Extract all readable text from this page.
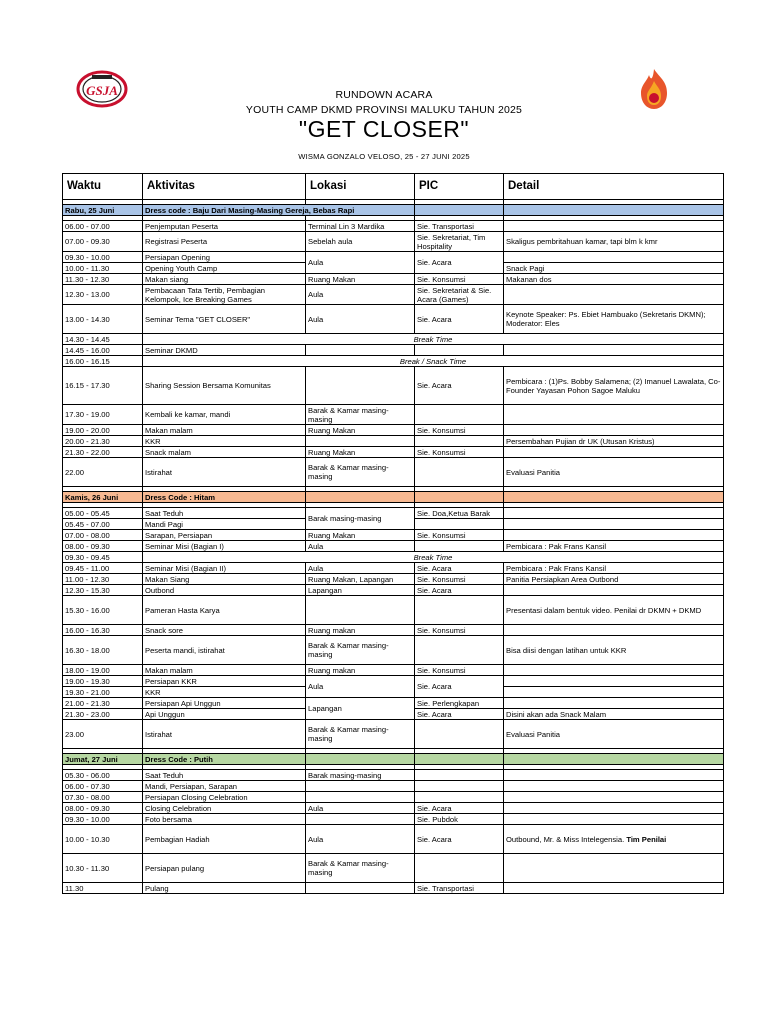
GSJA	RUNDOWN ACARA
YOUTH CAMP DKMD PROVINSI MALUKU TAHUN 2025
"GET CLOSER"
WISMA GONZALO VELOSO, 25 - 27 JUNI 2025
Waktu	Aktivitas	Lokasi	PIC	Detail

Rabu, 25 Juni	Dress code : Baju Dari Masing-Masing Gereja, Bebas Rapi			

06.00 - 07.00	Penjemputan Peserta	Terminal Lin 3 Mardika	Sie. Transportasi	
07.00 - 09.30	Registrasi Peserta	Sebelah aula	Sie. Sekretariat, Tim Hospitality	Skaligus pembritahuan kamar, tapi blm k kmr
09.30 - 10.00	Persiapan Opening	Aula	Sie. Acara	
10.00 - 11.30	Opening Youth Camp			Snack Pagi
11.30 - 12.30	Makan siang	Ruang Makan	Sie. Konsumsi	Makanan dos
12.30 - 13.00	Pembacaan Tata Tertib, Pembagian Kelompok, Ice Breaking Games	Aula	Sie. Sekretariat & Sie. Acara (Games)	
13.00 - 14.30	Seminar Tema "GET CLOSER"	Aula	Sie. Acara	Keynote Speaker: Ps. Ebiet Hambuako (Sekretaris DKMN); Moderator: Eles
14.30 - 14.45	Break Time			
14.45 - 16.00	Seminar DKMD			
16.00 - 16.15	Break / Snack Time			
16.15 - 17.30	Sharing Session Bersama Komunitas		Sie. Acara	Pembicara : (1)Ps. Bobby Salamena; (2) Imanuel Lawalata, Co-Founder Yayasan Pohon Sagoe Maluku
17.30 - 19.00	Kembali ke kamar, mandi	Barak & Kamar masing-masing		
19.00 - 20.00	Makan malam	Ruang Makan	Sie. Konsumsi	
20.00 - 21.30	KKR			Persembahan Pujian dr UK (Utusan Kristus)
21.30 - 22.00	Snack malam	Ruang Makan	Sie. Konsumsi	
22.00	Istirahat	Barak & Kamar masing-masing		Evaluasi Panitia

Kamis, 26 Juni	Dress Code : Hitam			

05.00 - 05.45	Saat Teduh	Barak masing-masing	Sie. Doa,Ketua Barak	
05.45 - 07.00	Mandi Pagi			
07.00 - 08.00	Sarapan, Persiapan	Ruang Makan	Sie. Konsumsi	
08.00 - 09.30	Seminar Misi (Bagian I)	Aula		Pembicara : Pak Frans Kansil
09.30 - 09.45	Break Time			
09.45 - 11.00	Seminar Misi (Bagian II)	Aula	Sie. Acara	Pembicara : Pak Frans Kansil
11.00 - 12.30	Makan Siang	Ruang Makan, Lapangan	Sie. Konsumsi	Panitia Persiapkan Area Outbond
12.30 - 15.30	Outbond	Lapangan	Sie. Acara	
15.30 - 16.00	Pameran Hasta Karya			Presentasi dalam bentuk video. Penilai dr DKMN + DKMD
16.00 - 16.30	Snack sore	Ruang makan	Sie. Konsumsi	
16.30 - 18.00	Peserta mandi, istirahat	Barak & Kamar masing-masing		Bisa diisi dengan latihan untuk KKR
18.00 - 19.00	Makan malam	Ruang makan	Sie. Konsumsi	
19.00 - 19.30	Persiapan KKR	Aula	Sie. Acara	
19.30 - 21.00	KKR			
21.00 - 21.30	Persiapan Api Unggun	Lapangan	Sie. Perlengkapan	
21.30 - 23.00	Api Unggun		Sie. Acara	Disini akan ada Snack Malam
23.00	Istirahat	Barak & Kamar masing-masing		Evaluasi Panitia

Jumat, 27 Juni	Dress Code : Putih			

05.30 - 06.00	Saat Teduh	Barak masing-masing		
06.00 - 07.30	Mandi, Persiapan, Sarapan			
07.30 - 08.00	Persiapan Closing Celebration			
08.00 - 09.30	Closing Celebration	Aula	Sie. Acara	
09.30 - 10.00	Foto bersama		Sie. Pubdok	
10.00 - 10.30	Pembagian Hadiah	Aula	Sie. Acara	Outbound, Mr. & Miss Intelegensia. Tim Penilai
10.30 - 11.30	Persiapan pulang	Barak & Kamar masing-masing		
11.30	Pulang		Sie. Transportasi	
